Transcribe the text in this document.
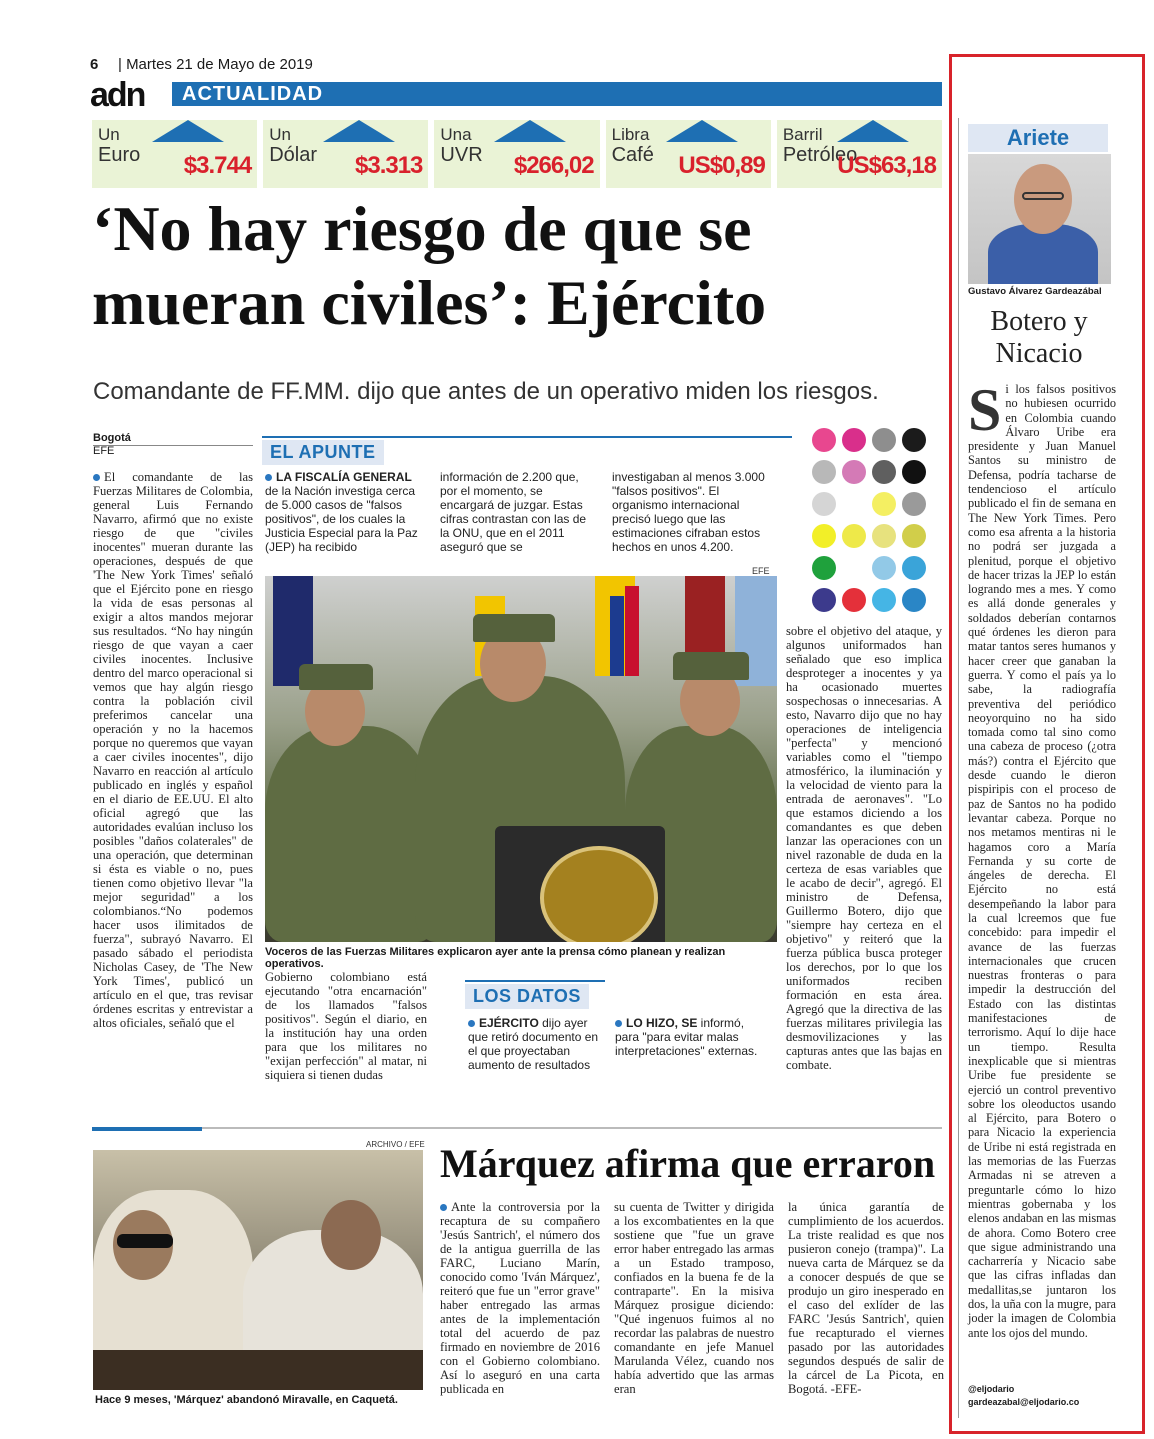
6 | Martes 21 de Mayo de 2019
adn	ACTUALIDAD
Un
Euro	$3.744
Un
Dólar	$3.313
Una
UVR	$266,02
Libra
Café	US$0,89
Barril
Petróleo
US$63,18
‘No hay riesgo de que se mueran civiles’: Ejército
Comandante de FF.MM. dijo que antes de un operativo miden los riesgos.
Bogotá
EFE
El comandante de las Fuerzas Militares de Colombia, general Luis Fernando Navarro, afirmó que no existe riesgo de que "civiles inocentes" mueran durante las operaciones, después de que 'The New York Times' señaló que el Ejército pone en riesgo la vida de esas personas al exigir a altos mandos mejorar sus resultados. “No hay ningún riesgo de que vayan a caer civiles inocentes. Inclusive dentro del marco operacional si vemos que hay algún riesgo contra la población civil preferimos cancelar una operación y no la hacemos porque no queremos que vayan a caer civiles inocentes", dijo Navarro en reacción al artículo publicado en inglés y español en el diario de EE.UU. El alto oficial agregó que las autoridades evalúan incluso los posibles "daños colaterales" de una operación, que determinan si ésta es viable o no, pues tienen como objetivo llevar "la mejor seguridad" a los colombianos.“No podemos hacer usos ilimitados de fuerza", subrayó Navarro. El pasado sábado el periodista Nicholas Casey, de 'The New York Times', publicó un artículo en el que, tras revisar órdenes escritas y entrevistar a altos oficiales, señaló que el
EL APUNTE
LA FISCALÍA GENERAL de la Nación investiga cerca de 5.000 casos de "falsos positivos", de los cuales la Justicia Especial para la Paz (JEP) ha recibido
información de 2.200 que, por el momento, se encargará de juzgar. Estas cifras contrastan con las de la ONU, que en el 2011 aseguró que se
investigaban al menos 3.000 "falsos positivos". El organismo internacional precisó luego que las estimaciones cifraban estos hechos en unos 4.200.
EFE
Voceros de las Fuerzas Militares explicaron ayer ante la prensa cómo planean y realizan operativos.
Gobierno colombiano está ejecutando "otra encarnación" de los llamados "falsos positivos". Según el diario, en la institución hay una orden para que los militares no "exijan perfección" al matar, ni siquiera si tienen dudas
LOS DATOS
EJÉRCITO dijo ayer que retiró documento en el que proyectaban aumento de resultados
LO HIZO, SE informó, para "para evitar malas interpretaciones" externas.
sobre el objetivo del ataque, y algunos uniformados han señalado que eso implica desproteger a inocentes y ya ha ocasionado muertes sospechosas o innecesarias. A esto, Navarro dijo que no hay operaciones de inteligencia "perfecta" y mencionó variables como el "tiempo atmosférico, la iluminación y la velocidad de viento para la entrada de aeronaves". "Lo que estamos diciendo a los comandantes es que deben lanzar las operaciones con un nivel razonable de duda en la certeza de esas variables que le acabo de decir", agregó. El ministro de Defensa, Guillermo Botero, dijo que "siempre hay certeza en el objetivo" y reiteró que la fuerza pública busca proteger los derechos, por lo que los uniformados reciben formación en esta área. Agregó que la directiva de las fuerzas militares privilegia las desmovilizaciones y las capturas antes que las bajas en combate.
ARCHIVO / EFE
Hace 9 meses, 'Márquez' abandonó Miravalle, en Caquetá.
Márquez afirma que erraron
Ante la controversia por la recaptura de su compañero 'Jesús Santrich', el número dos de la antigua guerrilla de las FARC, Luciano Marín, conocido como 'Iván Márquez', reiteró que fue un "error grave" haber entregado las armas antes de la implementación total del acuerdo de paz firmado en noviembre de 2016 con el Gobierno colombiano. Así lo aseguró en una carta publicada en
su cuenta de Twitter y dirigida a los excombatientes en la que sostiene que "fue un grave error haber entregado las armas a un Estado tramposo, confiados en la buena fe de la contraparte". En la misiva Márquez prosigue diciendo: "Qué ingenuos fuimos al no recordar las palabras de nuestro comandante en jefe Manuel Marulanda Vélez, cuando nos había advertido que las armas eran
la única garantía de cumplimiento de los acuerdos. La triste realidad es que nos pusieron conejo (trampa)". La nueva carta de Márquez se da a conocer después de que se produjo un giro inesperado en el caso del exlíder de las FARC 'Jesús Santrich', quien fue recapturado el viernes pasado por las autoridades segundos después de salir de la cárcel de La Picota, en Bogotá. -EFE-
Ariete
Gustavo Álvarez Gardeazábal
Botero y
Nicacio
Si los falsos positivos no hubiesen ocurrido en Colombia cuando Álvaro Uribe era presidente y Juan Manuel Santos su ministro de Defensa, podría tacharse de tendencioso el artículo publicado el fin de semana en The New York Times. Pero como esa afrenta a la historia no podrá ser juzgada a plenitud, porque el objetivo de hacer trizas la JEP lo están logrando mes a mes. Y como es allá donde generales y soldados deberían contarnos qué órdenes les dieron para matar tantos seres humanos y hacer creer que ganaban la guerra. Y como el país ya lo sabe, la radiografía preventiva del periódico neoyorquino no ha sido tomada como tal sino como una cabeza de proceso (¿otra más?) contra el Ejército que desde cuando le dieron pispiripis con el proceso de paz de Santos no ha podido levantar cabeza. Porque no nos metamos mentiras ni le hagamos coro a María Fernanda y su corte de ángeles de derecha. El Ejército no está desempeñando la labor para la cual lcreemos que fue concebido: para impedir el avance de las fuerzas internacionales que crucen nuestras fronteras o para impedir la destrucción del Estado con las distintas manifestaciones de terrorismo. Aquí lo dije hace un tiempo. Resulta inexplicable que si mientras Uribe fue presidente se ejerció un control preventivo sobre los oleoductos usando al Ejército, para Botero o para Nicacio la experiencia de Uribe ni está registrada en las memorias de las Fuerzas Armadas ni se atreven a preguntarle cómo lo hizo mientras gobernaba y los elenos andaban en las mismas de ahora. Como Botero cree que sigue administrando una cacharrería y Nicacio sabe que las cifras infladas dan medallitas,se juntaron los dos, la uña con la mugre, para joder la imagen de Colombia ante los ojos del mundo.
@eljodario
gardeazabal@eljodario.co
